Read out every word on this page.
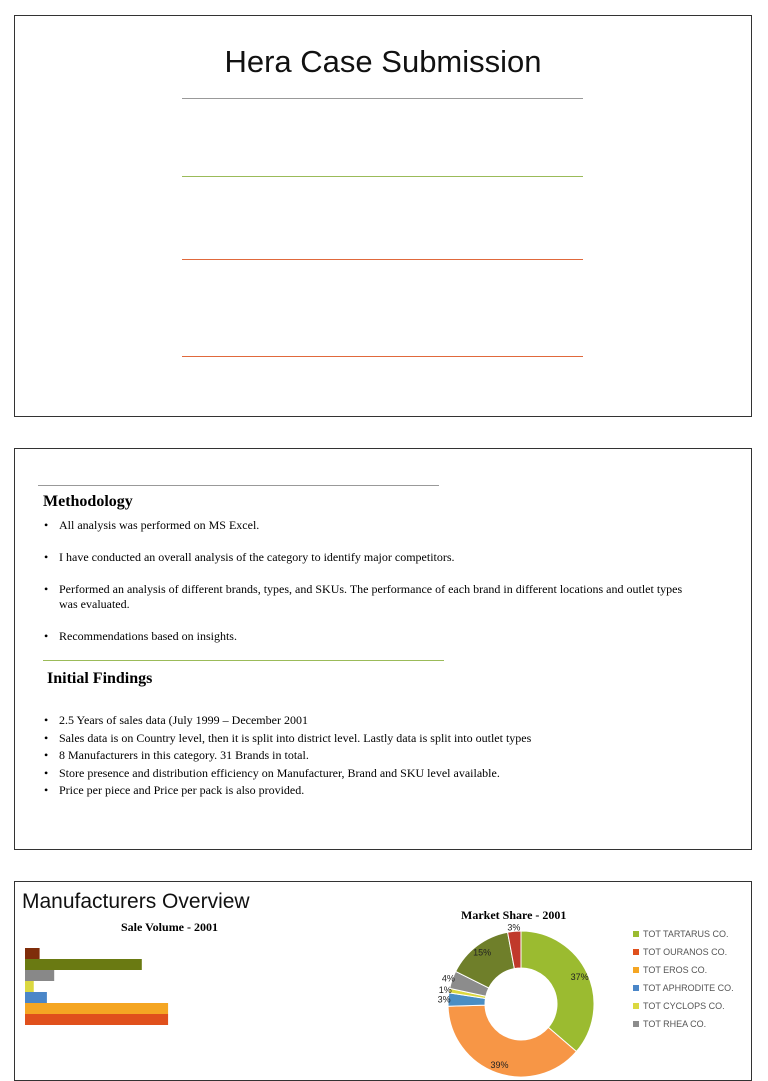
Hera Case Submission
Methodology
• All analysis was performed on MS Excel.
• I have conducted an overall analysis of the category to identify major competitors.
• Performed an analysis of different brands, types, and SKUs. The performance of each brand in different locations and outlet types was evaluated.
• Recommendations based on insights.
Initial Findings
• 2.5 Years of sales data (July 1999 – December 2001
• Sales data is on Country level, then it is split into district level. Lastly data is split into outlet types
• 8 Manufacturers in this category. 31 Brands in total.
• Store presence and distribution efficiency on Manufacturer, Brand and SKU level available.
• Price per piece and Price per pack is also provided.
Manufacturers Overview
Sale Volume - 2001
Market Share - 2001
37%
39%
3%
1%
4%
15%
3%
TOT TARTARUS CO.
TOT OURANOS CO.
TOT EROS CO.
TOT APHRODITE CO.
TOT CYCLOPS CO.
TOT RHEA CO.
